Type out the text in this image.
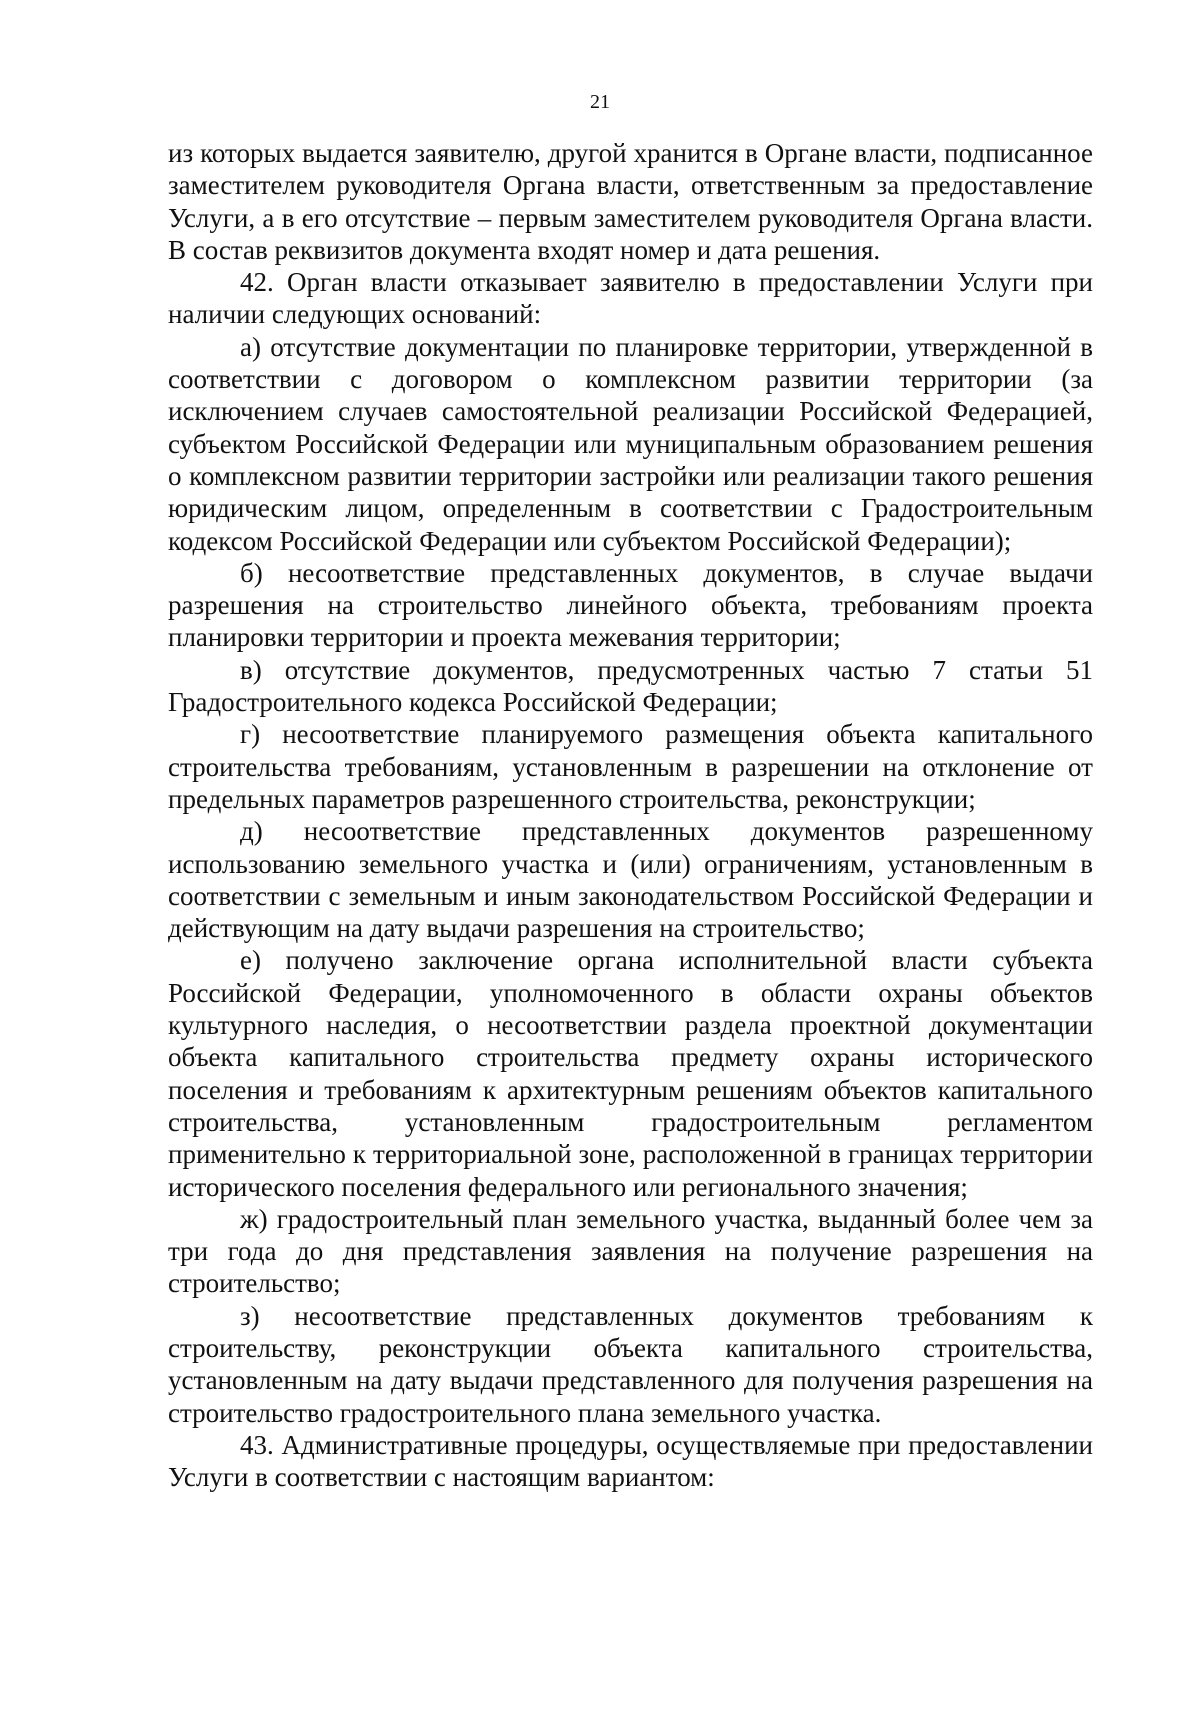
21

из которых выдается заявителю, другой хранится в Органе власти, подписанное заместителем руководителя Органа власти, ответственным за предоставление Услуги, а в его отсутствие – первым заместителем руководителя Органа власти. В состав реквизитов документа входят номер и дата решения.

42. Орган власти отказывает заявителю в предоставлении Услуги при наличии следующих оснований:

а) отсутствие документации по планировке территории, утвержденной в соответствии с договором о комплексном развитии территории (за исключением случаев самостоятельной реализации Российской Федерацией, субъектом Российской Федерации или муниципальным образованием решения о комплексном развитии территории застройки или реализации такого решения юридическим лицом, определенным в соответствии с Градостроительным кодексом Российской Федерации или субъектом Российской Федерации);

б) несоответствие представленных документов, в случае выдачи разрешения на строительство линейного объекта, требованиям проекта планировки территории и проекта межевания территории;

в) отсутствие документов, предусмотренных частью 7 статьи 51 Градостроительного кодекса Российской Федерации;

г) несоответствие планируемого размещения объекта капитального строительства требованиям, установленным в разрешении на отклонение от предельных параметров разрешенного строительства, реконструкции;

д) несоответствие представленных документов разрешенному использованию земельного участка и (или) ограничениям, установленным в соответствии с земельным и иным законодательством Российской Федерации и действующим на дату выдачи разрешения на строительство;

е) получено заключение органа исполнительной власти субъекта Российской Федерации, уполномоченного в области охраны объектов культурного наследия, о несоответствии раздела проектной документации объекта капитального строительства предмету охраны исторического поселения и требованиям к архитектурным решениям объектов капитального строительства, установленным градостроительным регламентом применительно к территориальной зоне, расположенной в границах территории исторического поселения федерального или регионального значения;

ж) градостроительный план земельного участка, выданный более чем за три года до дня представления заявления на получение разрешения на строительство;

з) несоответствие представленных документов требованиям к строительству, реконструкции объекта капитального строительства, установленным на дату выдачи представленного для получения разрешения на строительство градостроительного плана земельного участка.

43. Административные процедуры, осуществляемые при предоставлении Услуги в соответствии с настоящим вариантом:
